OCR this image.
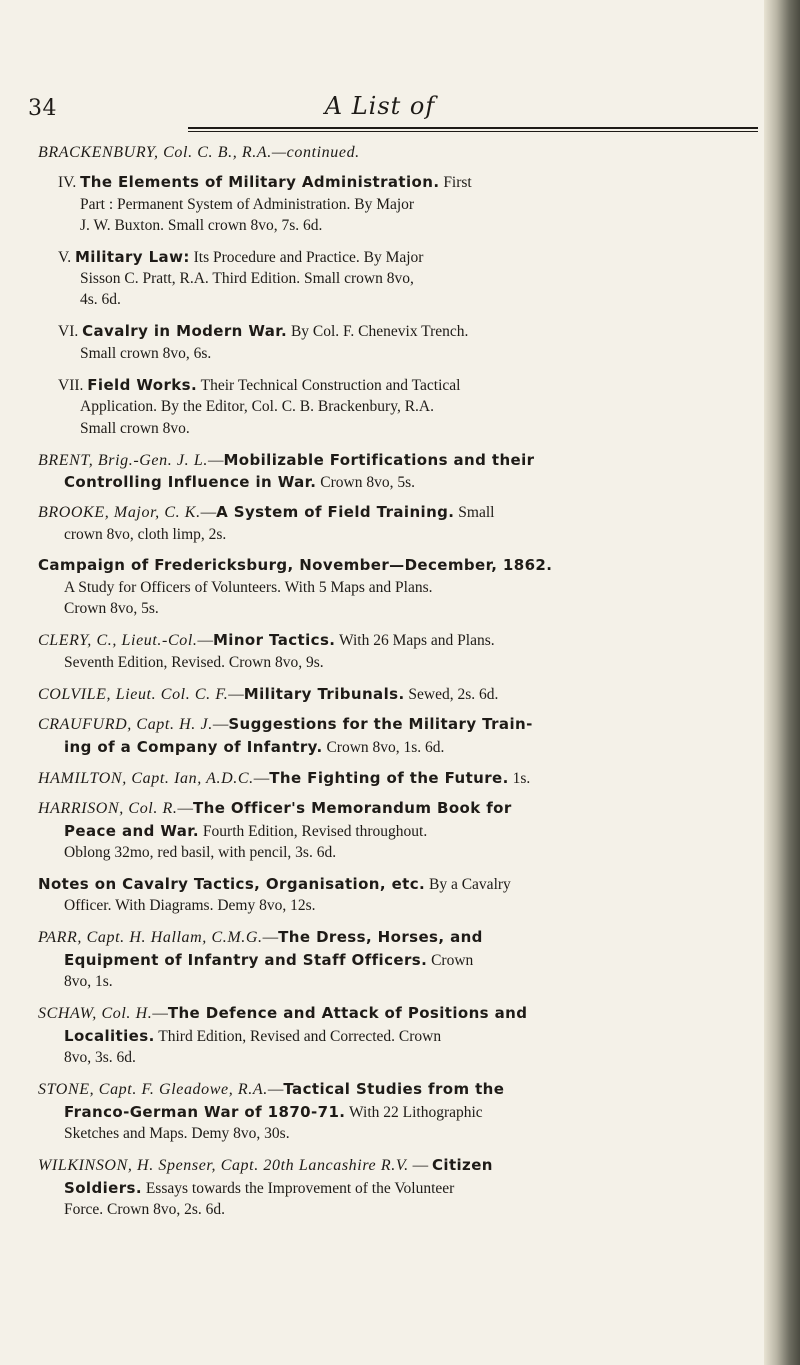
34	A List of
BRACKENBURY, Col. C. B., R.A.—continued.
IV. The Elements of Military Administration. First
Part : Permanent System of Administration. By Major
J. W. Buxton. Small crown 8vo, 7s. 6d.
V. Military Law: Its Procedure and Practice. By Major
Sisson C. Pratt, R.A. Third Edition. Small crown 8vo,
4s. 6d.
VI. Cavalry in Modern War. By Col. F. Chenevix Trench.
Small crown 8vo, 6s.
VII. Field Works. Their Technical Construction and Tactical
Application. By the Editor, Col. C. B. Brackenbury, R.A.
Small crown 8vo.
BRENT, Brig.-Gen. J. L.—Mobilizable Fortifications and their
Controlling Influence in War. Crown 8vo, 5s.
BROOKE, Major, C. K.—A System of Field Training. Small
crown 8vo, cloth limp, 2s.
Campaign of Fredericksburg, November—December, 1862.
A Study for Officers of Volunteers. With 5 Maps and Plans.
Crown 8vo, 5s.
CLERY, C., Lieut.-Col.—Minor Tactics. With 26 Maps and Plans.
Seventh Edition, Revised. Crown 8vo, 9s.
COLVILE, Lieut. Col. C. F.—Military Tribunals. Sewed, 2s. 6d.
CRAUFURD, Capt. H. J.—Suggestions for the Military Train-
ing of a Company of Infantry. Crown 8vo, 1s. 6d.
HAMILTON, Capt. Ian, A.D.C.—The Fighting of the Future. 1s.
HARRISON, Col. R.—The Officer's Memorandum Book for
Peace and War. Fourth Edition, Revised throughout.
Oblong 32mo, red basil, with pencil, 3s. 6d.
Notes on Cavalry Tactics, Organisation, etc. By a Cavalry
Officer. With Diagrams. Demy 8vo, 12s.
PARR, Capt. H. Hallam, C.M.G.—The Dress, Horses, and
Equipment of Infantry and Staff Officers. Crown
8vo, 1s.
SCHAW, Col. H.—The Defence and Attack of Positions and
Localities. Third Edition, Revised and Corrected. Crown
8vo, 3s. 6d.
STONE, Capt. F. Gleadowe, R.A.—Tactical Studies from the
Franco-German War of 1870-71. With 22 Lithographic
Sketches and Maps. Demy 8vo, 30s.
WILKINSON, H. Spenser, Capt. 20th Lancashire R.V. — Citizen
Soldiers. Essays towards the Improvement of the Volunteer
Force. Crown 8vo, 2s. 6d.
